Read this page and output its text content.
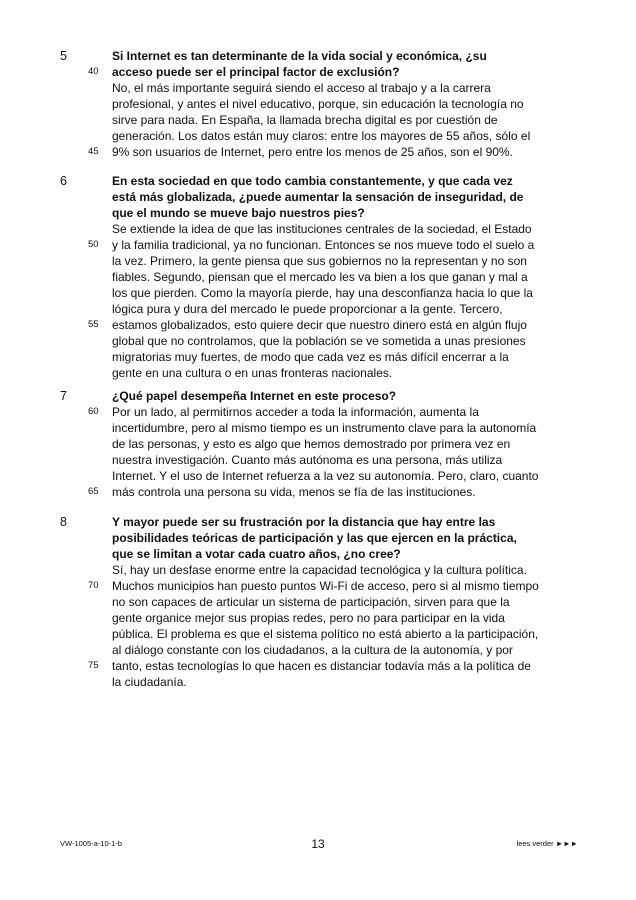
5	Si Internet es tan determinante de la vida social y económica, ¿su
acceso puede ser el principal factor de exclusión?
40
No, el más importante seguirá siendo el acceso al trabajo y a la carrera
profesional, y antes el nivel educativo, porque, sin educación la tecnología no
sirve para nada. En España, la llamada brecha digital es por cuestión de
generación. Los datos están muy claros: entre los mayores de 55 años, sólo el
9% son usuarios de Internet, pero entre los menos de 25 años, son el 90%.
45
6	En esta sociedad en que todo cambia constantemente, y que cada vez
está más globalizada, ¿puede aumentar la sensación de inseguridad, de
que el mundo se mueve bajo nuestros pies?
Se extiende la idea de que las instituciones centrales de la sociedad, el Estado
y la familia tradicional, ya no funcionan. Entonces se nos mueve todo el suelo a
50
la vez. Primero, la gente piensa que sus gobiernos no la representan y no son
fiables. Segundo, piensan que el mercado les va bien a los que ganan y mal a
los que pierden. Como la mayoría pierde, hay una desconfianza hacia lo que la
lógica pura y dura del mercado le puede proporcionar a la gente. Tercero,
estamos globalizados, esto quiere decir que nuestro dinero está en algún flujo
55
global que no controlamos, que la población se ve sometida a unas presiones
migratorias muy fuertes, de modo que cada vez es más difícil encerrar a la
gente en una cultura o en unas fronteras nacionales.
7	¿Qué papel desempeña Internet en este proceso?
Por un lado, al permitirnos acceder a toda la información, aumenta la
60
incertidumbre, pero al mismo tiempo es un instrumento clave para la autonomía
de las personas, y esto es algo que hemos demostrado por primera vez en
nuestra investigación. Cuanto más autónoma es una persona, más utiliza
Internet. Y el uso de Internet refuerza a la vez su autonomía. Pero, claro, cuanto
más controla una persona su vida, menos se fía de las instituciones.
65
8	Y mayor puede ser su frustración por la distancia que hay entre las
posibilidades teóricas de participación y las que ejercen en la práctica,
que se limitan a votar cada cuatro años, ¿no cree?
Sí, hay un desfase enorme entre la capacidad tecnológica y la cultura política.
Muchos municipios han puesto puntos Wi-Fi de acceso, pero si al mismo tiempo
70
no son capaces de articular un sistema de participación, sirven para que la
gente organice mejor sus propias redes, pero no para participar en la vida
pública. El problema es que el sistema político no está abierto a la participación,
al diálogo constante con los ciudadanos, a la cultura de la autonomía, y por
tanto, estas tecnologías lo que hacen es distanciar todavía más a la política de
75
la ciudadanía.
VW-1005-a-10-1-b	13	lees verder ►►►
